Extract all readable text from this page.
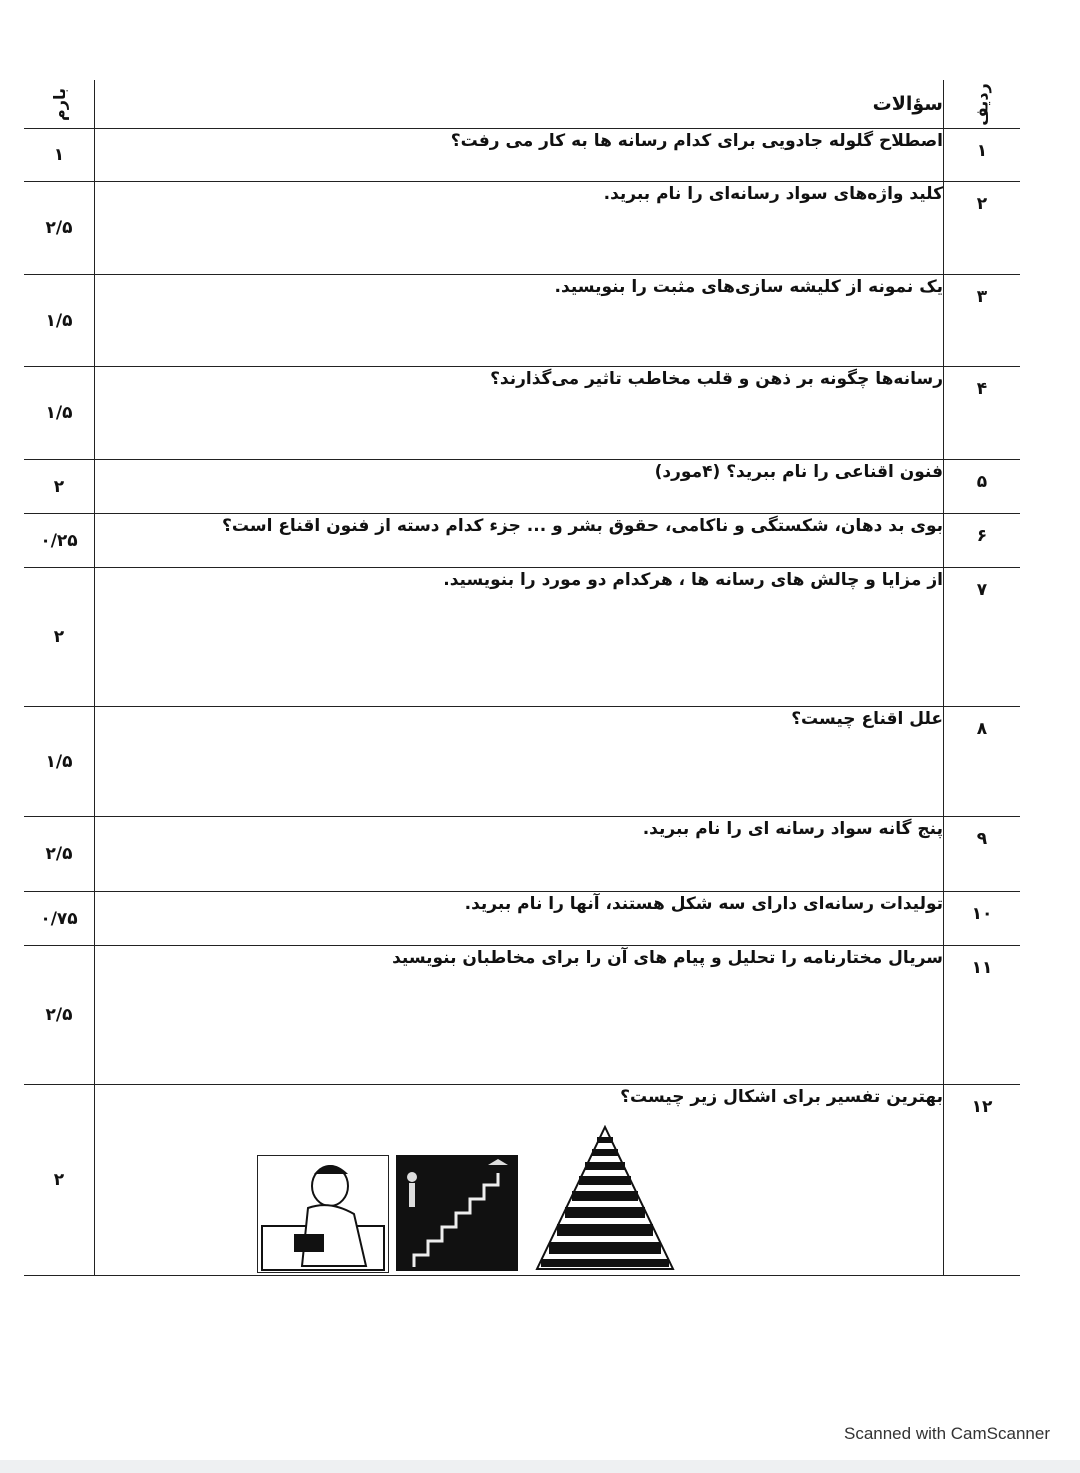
ردیف	سؤالات	بارم

۱	اصطلاح گلوله جادویی برای کدام رسانه ها به کار می رفت؟	۱

۲	کلید واژه‌های سواد رسانه‌ای را نام ببرید.	۲/۵

۳	یک نمونه از کلیشه سازی‌های مثبت را بنویسید.	۱/۵

۴	رسانه‌ها چگونه بر ذهن و قلب مخاطب تاثیر می‌گذارند؟	۱/۵

۵	فنون اقناعی را نام ببرید؟ (۴مورد)	۲

۶	بوی بد دهان، شکستگی و ناکامی، حقوق بشر و ... جزء کدام دسته از فنون اقناع است؟	۰/۲۵

۷	از مزایا و چالش های رسانه ها ، هرکدام دو مورد را بنویسید.	۲

۸	علل اقناع چیست؟	۱/۵

۹	پنج گانه سواد رسانه ای را نام ببرید.	۲/۵

۱۰	تولیدات رسانه‌ای دارای سه شکل هستند، آنها را نام ببرید.	۰/۷۵

۱۱	سریال مختارنامه را تحلیل و پیام های آن را برای مخاطبان بنویسید	۲/۵

۱۲	بهترین تفسیر برای اشکال زیر چیست؟	۲
Scanned with CamScanner
